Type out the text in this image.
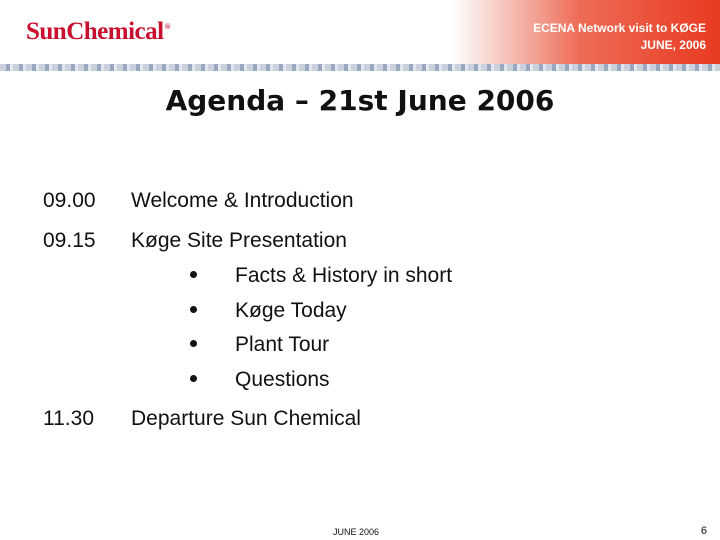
SunChemical®	ECENA Network visit to KØGE
JUNE, 2006
Agenda – 21st June 2006
09.00 Welcome & Introduction
09.15 Køge Site Presentation
Facts & History in short
Køge Today
Plant Tour
Questions
11.30 Departure Sun Chemical
JUNE 2006	6
